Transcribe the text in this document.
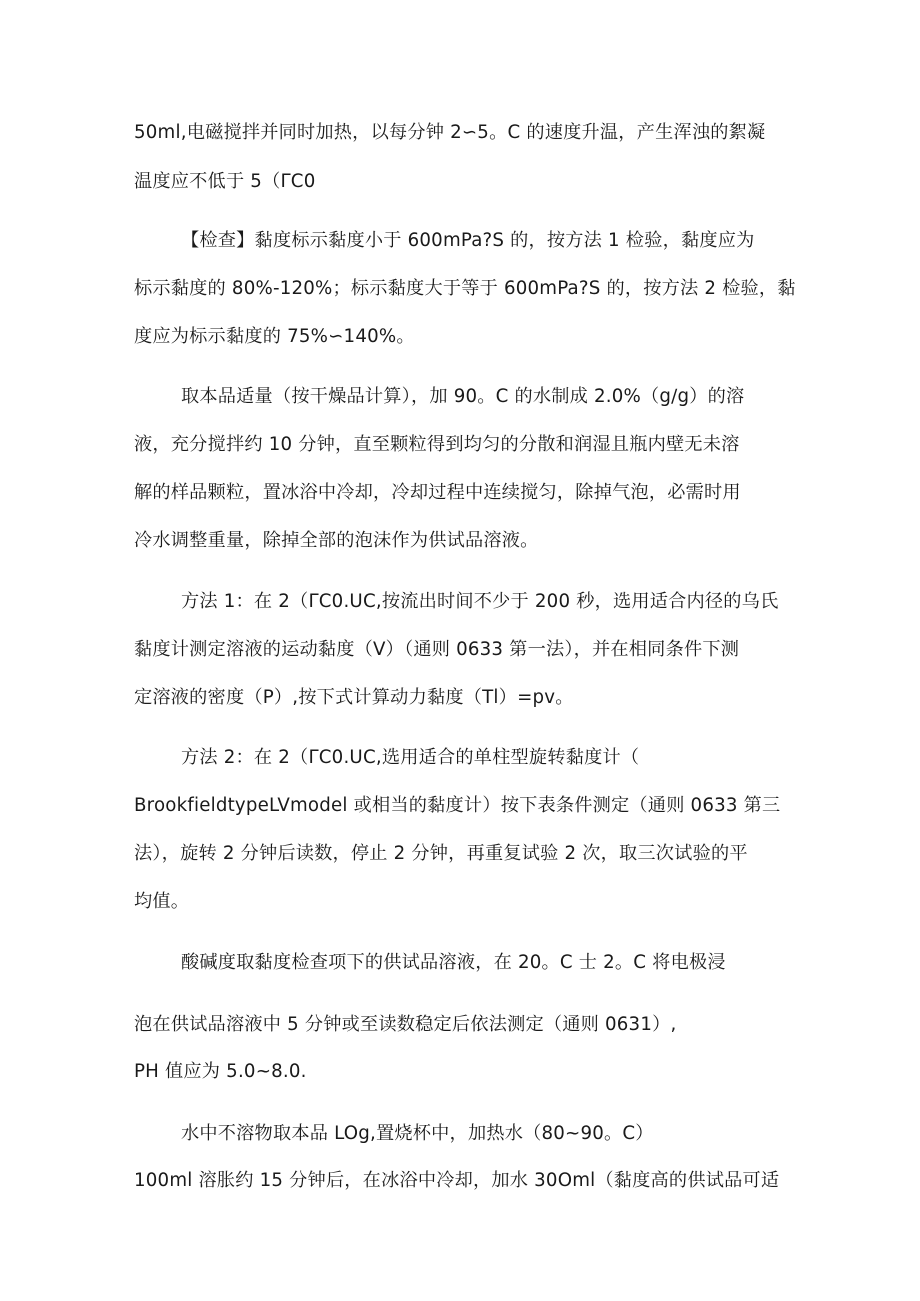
50ml,电磁搅拌并同时加热，以每分钟 2∽5。C 的速度升温，产生浑浊的絮凝
温度应不低于 5（ΓC0
【检查】黏度标示黏度小于 600mPa?S 的，按方法 1 检验，黏度应为
标示黏度的 80%-120%；标示黏度大于等于 600mPa?S 的，按方法 2 检验，黏
度应为标示黏度的 75%∽140%。
取本品适量（按干燥品计算），加 90。C 的水制成 2.0%（g∕g）的溶
液，充分搅拌约 10 分钟，直至颗粒得到均匀的分散和润湿且瓶内壁无未溶
解的样品颗粒，置冰浴中冷却，冷却过程中连续搅匀，除掉气泡，必需时用
冷水调整重量，除掉全部的泡沫作为供试品溶液。
方法 1：在 2（ΓC0.UC,按流出时间不少于 200 秒，选用适合内径的乌氏
黏度计测定溶液的运动黏度（V）（通则 0633 第一法），并在相同条件下测
定溶液的密度（P）,按下式计算动力黏度（Tl）=pv。
方法 2：在 2（ΓC0.UC,选用适合的单柱型旋转黏度计（
BrookfieldtypeLVmodel 或相当的黏度计）按下表条件测定（通则 0633 第三
法），旋转 2 分钟后读数，停止 2 分钟，再重复试验 2 次，取三次试验的平
均值。
酸碱度取黏度检查项下的供试品溶液，在 20。C 士 2。C 将电极浸
泡在供试品溶液中 5 分钟或至读数稳定后依法测定（通则 0631）,
PH 值应为 5.0~8.0.
水中不溶物取本品 LOg,置烧杯中，加热水（80~90。C）
100ml 溶胀约 15 分钟后，在冰浴中冷却，加水 30Oml（黏度高的供试品可适
